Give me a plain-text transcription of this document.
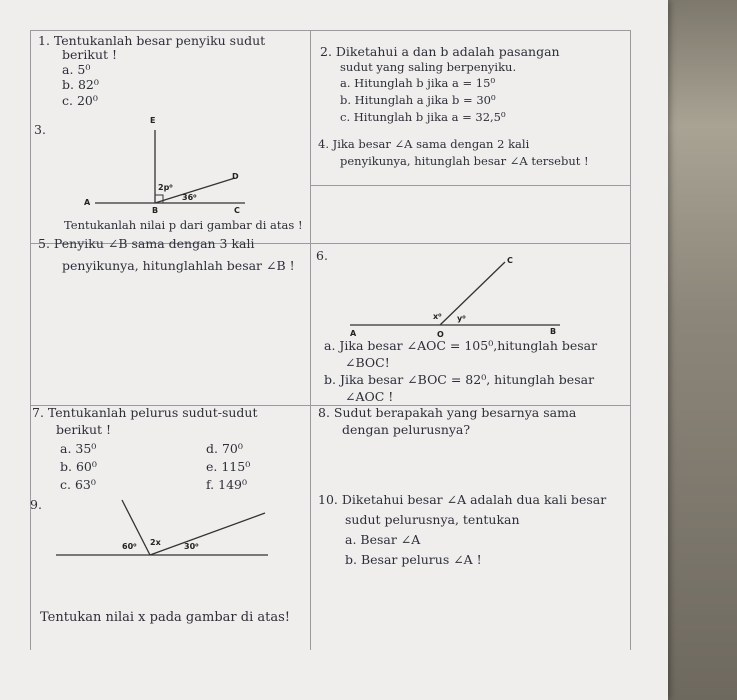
1. Tentukanlah besar penyiku sudut
berikut !
a. 5⁰
b. 82⁰
c. 20⁰
2. Diketahui a dan b adalah pasangan
sudut yang saling berpenyiku.
a. Hitunglah b jika a = 15⁰
b. Hitunglah a jika b = 30⁰
c. Hitunglah b jika a = 32,5⁰
3.
E
D
A
B	C
2p⁰
36⁰
Tentukanlah nilai p dari gambar di atas !
4. Jika besar ∠A sama dengan 2 kali
penyikunya, hitunglah besar ∠A tersebut !
5. Penyiku ∠B sama dengan 3 kali
penyikunya, hitunglahlah besar ∠B !
6.	C
x⁰ y⁰
A	O	B
a. Jika besar ∠AOC = 105⁰,hitunglah besar
∠BOC!
b. Jika besar ∠BOC = 82⁰, hitunglah besar
∠AOC !
7. Tentukanlah pelurus sudut-sudut
berikut !
a. 35⁰
b. 60⁰
c. 63⁰
d. 70⁰
e. 115⁰
f. 149⁰
8. Sudut berapakah yang besarnya sama
dengan pelurusnya?
9.
60⁰ 2x	30⁰
Tentukan nilai x pada gambar di atas!
10. Diketahui besar ∠A adalah dua kali besar
sudut pelurusnya, tentukan
a. Besar ∠A
b. Besar pelurus ∠A !
